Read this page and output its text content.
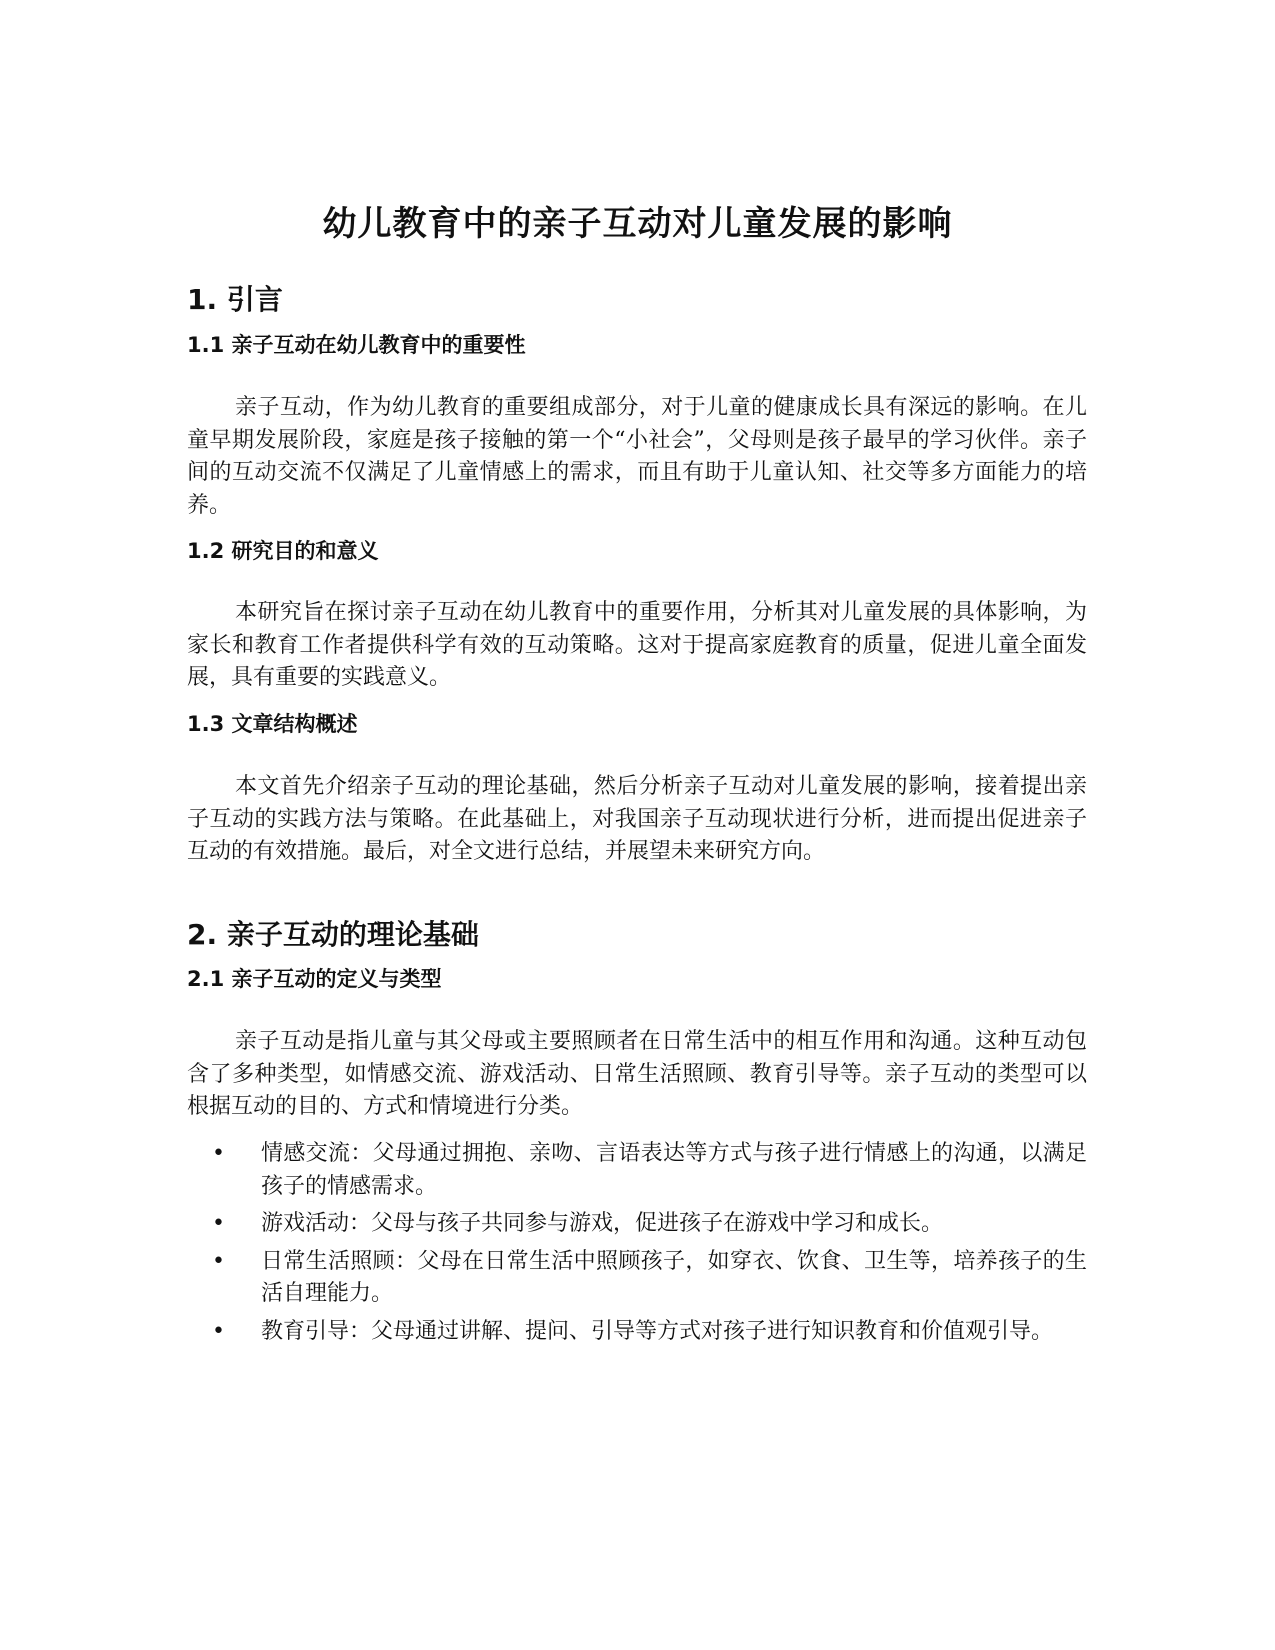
幼儿教育中的亲子互动对儿童发展的影响
1. 引言
1.1 亲子互动在幼儿教育中的重要性

亲子互动，作为幼儿教育的重要组成部分，对于儿童的健康成长具有深远的影响。在儿童早期发展阶段，家庭是孩子接触的第一个“小社会”，父母则是孩子最早的学习伙伴。亲子间的互动交流不仅满足了儿童情感上的需求，而且有助于儿童认知、社交等多方面能力的培养。

1.2 研究目的和意义

本研究旨在探讨亲子互动在幼儿教育中的重要作用，分析其对儿童发展的具体影响，为家长和教育工作者提供科学有效的互动策略。这对于提高家庭教育的质量，促进儿童全面发展，具有重要的实践意义。

1.3 文章结构概述

本文首先介绍亲子互动的理论基础，然后分析亲子互动对儿童发展的影响，接着提出亲子互动的实践方法与策略。在此基础上，对我国亲子互动现状进行分析，进而提出促进亲子互动的有效措施。最后，对全文进行总结，并展望未来研究方向。

2. 亲子互动的理论基础
2.1 亲子互动的定义与类型

亲子互动是指儿童与其父母或主要照顾者在日常生活中的相互作用和沟通。这种互动包含了多种类型，如情感交流、游戏活动、日常生活照顾、教育引导等。亲子互动的类型可以根据互动的目的、方式和情境进行分类。

• 情感交流：父母通过拥抱、亲吻、言语表达等方式与孩子进行情感上的沟通，以满足孩子的情感需求。
• 游戏活动：父母与孩子共同参与游戏，促进孩子在游戏中学习和成长。
• 日常生活照顾：父母在日常生活中照顾孩子，如穿衣、饮食、卫生等，培养孩子的生活自理能力。
• 教育引导：父母通过讲解、提问、引导等方式对孩子进行知识教育和价值观引导。
